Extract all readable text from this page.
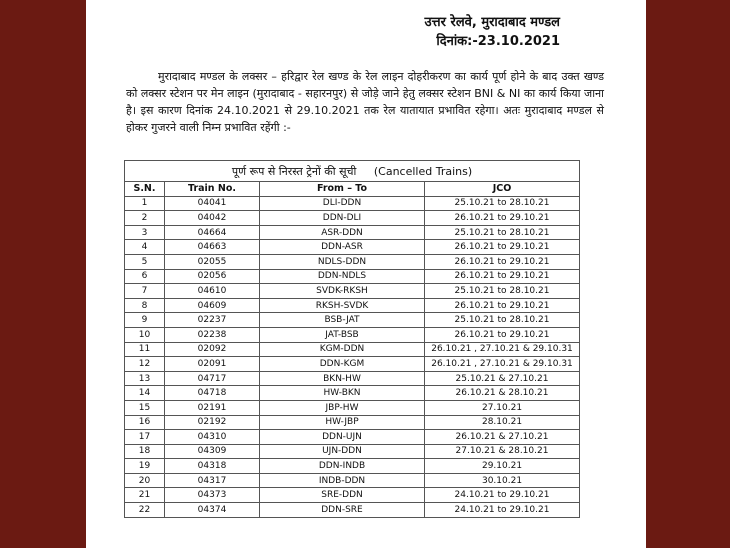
उत्तर रेलवे, मुरादाबाद मण्डल
दिनांक:-23.10.2021
मुरादाबाद मण्डल के लक्सर – हरिद्वार रेल खण्ड के रेल लाइन दोहरीकरण का कार्य पूर्ण होने के बाद उक्त खण्ड को लक्सर स्टेशन पर मेन लाइन (मुरादाबाद - सहारनपुर) से जोड़े जाने हेतु लक्सर स्टेशन BNI & NI का कार्य किया जाना है। इस कारण दिनांक 24.10.2021 से 29.10.2021 तक रेल यातायात प्रभावित रहेगा। अतः मुरादाबाद मण्डल से होकर गुजरने वाली निम्न प्रभावित रहेंगी :-
पूर्ण रूप से निरस्त ट्रेनों की सूची (Cancelled Trains)			
S.N.	Train No.	From – To	JCO
1	04041	DLI-DDN	25.10.21 to 28.10.21
2	04042	DDN-DLI	26.10.21 to 29.10.21
3	04664	ASR-DDN	25.10.21 to 28.10.21
4	04663	DDN-ASR	26.10.21 to 29.10.21
5	02055	NDLS-DDN	26.10.21 to 29.10.21
6	02056	DDN-NDLS	26.10.21 to 29.10.21
7	04610	SVDK-RKSH	25.10.21 to 28.10.21
8	04609	RKSH-SVDK	26.10.21 to 29.10.21
9	02237	BSB-JAT	25.10.21 to 28.10.21
10	02238	JAT-BSB	26.10.21 to 29.10.21
11	02092	KGM-DDN	26.10.21 , 27.10.21 & 29.10.31
12	02091	DDN-KGM	26.10.21 , 27.10.21 & 29.10.31
13	04717	BKN-HW	25.10.21 & 27.10.21
14	04718	HW-BKN	26.10.21 & 28.10.21
15	02191	JBP-HW	27.10.21
16	02192	HW-JBP	28.10.21
17	04310	DDN-UJN	26.10.21 & 27.10.21
18	04309	UJN-DDN	27.10.21 & 28.10.21
19	04318	DDN-INDB	29.10.21
20	04317	INDB-DDN	30.10.21
21	04373	SRE-DDN	24.10.21 to 29.10.21
22	04374	DDN-SRE	24.10.21 to 29.10.21
